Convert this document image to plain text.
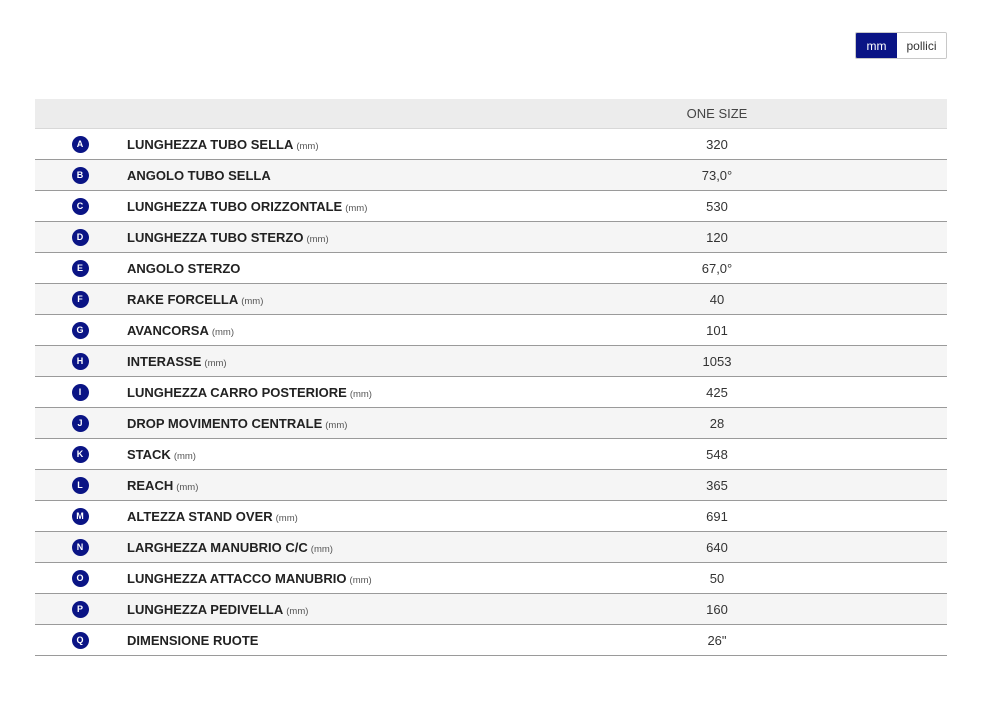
mm	pollici
		ONE SIZE	
A	LUNGHEZZA TUBO SELLA (mm)	320	
B	ANGOLO TUBO SELLA	73,0°	
C	LUNGHEZZA TUBO ORIZZONTALE (mm)	530	
D	LUNGHEZZA TUBO STERZO (mm)	120	
E	ANGOLO STERZO	67,0°	
F	RAKE FORCELLA (mm)	40	
G	AVANCORSA (mm)	101	
H	INTERASSE (mm)	1053	
I	LUNGHEZZA CARRO POSTERIORE (mm)	425	
J	DROP MOVIMENTO CENTRALE (mm)	28	
K	STACK (mm)	548	
L	REACH (mm)	365	
M	ALTEZZA STAND OVER (mm)	691	
N	LARGHEZZA MANUBRIO C/C (mm)	640	
O	LUNGHEZZA ATTACCO MANUBRIO (mm)	50	
P	LUNGHEZZA PEDIVELLA (mm)	160	
Q	DIMENSIONE RUOTE	26"	
